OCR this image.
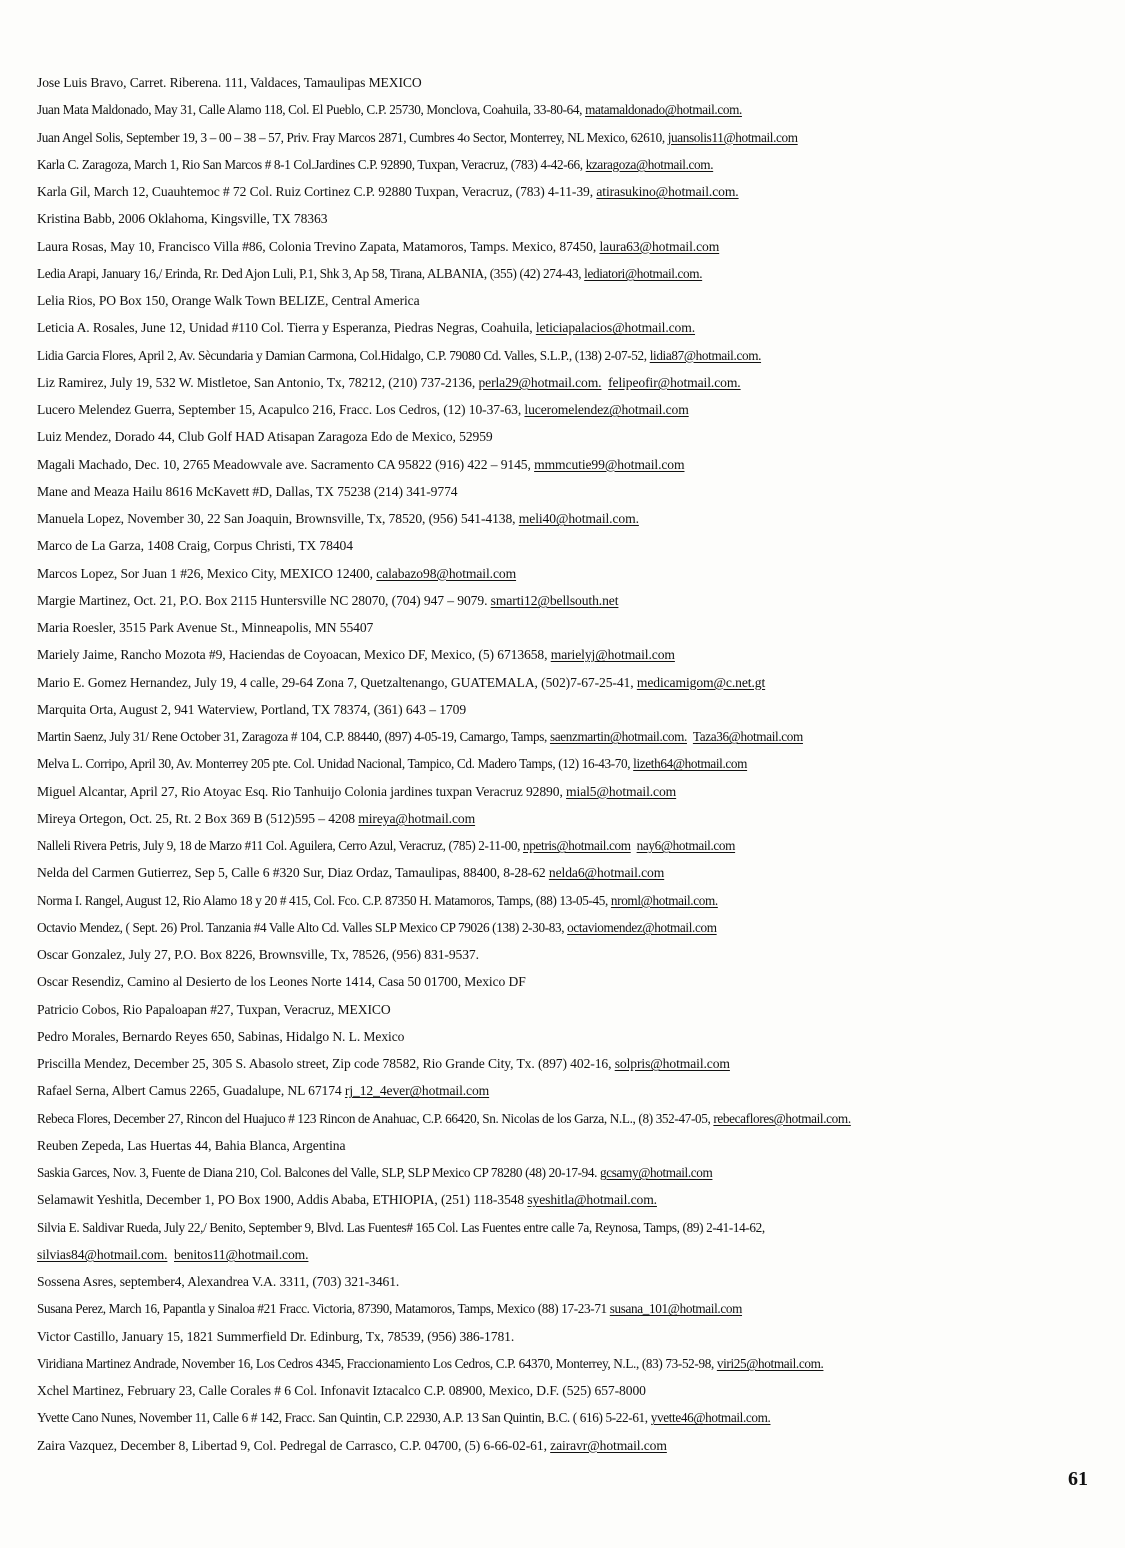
Jose Luis Bravo, Carret. Riberena. 111, Valdaces, Tamaulipas MEXICO
Juan Mata Maldonado, May 31, Calle Alamo 118, Col. El Pueblo, C.P. 25730, Monclova, Coahuila, 33-80-64, matamaldonado@hotmail.com.
Juan Angel Solis, September 19, 3 – 00 – 38 – 57, Priv. Fray Marcos 2871, Cumbres 4o Sector, Monterrey, NL Mexico, 62610, juansolis11@hotmail.com
Karla C. Zaragoza, March 1, Rio San Marcos # 8-1 Col.Jardines C.P. 92890, Tuxpan, Veracruz, (783) 4-42-66, kzaragoza@hotmail.com.
Karla Gil, March 12, Cuauhtemoc # 72 Col. Ruiz Cortinez C.P. 92880 Tuxpan, Veracruz, (783) 4-11-39, atirasukino@hotmail.com.
Kristina Babb, 2006 Oklahoma, Kingsville, TX 78363
Laura Rosas, May 10, Francisco Villa #86, Colonia Trevino Zapata, Matamoros, Tamps. Mexico, 87450, laura63@hotmail.com
Ledia Arapi, January 16,/ Erinda, Rr. Ded Ajon Luli, P.1, Shk 3, Ap 58, Tirana, ALBANIA, (355) (42) 274-43, lediatori@hotmail.com.
Lelia Rios, PO Box 150, Orange Walk Town BELIZE, Central America
Leticia A. Rosales, June 12, Unidad #110 Col. Tierra y Esperanza, Piedras Negras, Coahuila, leticiapalacios@hotmail.com.
Lidia Garcia Flores, April 2, Av. Sècundaria y Damian Carmona, Col.Hidalgo, C.P. 79080 Cd. Valles, S.L.P., (138) 2-07-52, lidia87@hotmail.com.
Liz Ramirez, July 19, 532 W. Mistletoe, San Antonio, Tx, 78212, (210) 737-2136, perla29@hotmail.com. felipeofir@hotmail.com.
Lucero Melendez Guerra, September 15, Acapulco 216, Fracc. Los Cedros, (12) 10-37-63, luceromelendez@hotmail.com
Luiz Mendez, Dorado 44, Club Golf HAD Atisapan Zaragoza Edo de Mexico, 52959
Magali Machado, Dec. 10, 2765 Meadowvale ave. Sacramento CA 95822 (916) 422 – 9145, mmmcutie99@hotmail.com
Mane and Meaza Hailu 8616 McKavett #D, Dallas, TX 75238 (214) 341-9774
Manuela Lopez, November 30, 22 San Joaquin, Brownsville, Tx, 78520, (956) 541-4138, meli40@hotmail.com.
Marco de La Garza, 1408 Craig, Corpus Christi, TX 78404
Marcos Lopez, Sor Juan 1 #26, Mexico City, MEXICO 12400, calabazo98@hotmail.com
Margie Martinez, Oct. 21, P.O. Box 2115 Huntersville NC 28070, (704) 947 – 9079. smarti12@bellsouth.net
Maria Roesler, 3515 Park Avenue St., Minneapolis, MN 55407
Mariely Jaime, Rancho Mozota #9, Haciendas de Coyoacan, Mexico DF, Mexico, (5) 6713658, marielyj@hotmail.com
Mario E. Gomez Hernandez, July 19, 4 calle, 29-64 Zona 7, Quetzaltenango, GUATEMALA, (502)7-67-25-41, medicamigom@c.net.gt
Marquita Orta, August 2, 941 Waterview, Portland, TX 78374, (361) 643 – 1709
Martin Saenz, July 31/ Rene October 31, Zaragoza # 104, C.P. 88440, (897) 4-05-19, Camargo, Tamps, saenzmartin@hotmail.com. Taza36@hotmail.com
Melva L. Corripo, April 30, Av. Monterrey 205 pte. Col. Unidad Nacional, Tampico, Cd. Madero Tamps, (12) 16-43-70, lizeth64@hotmail.com
Miguel Alcantar, April 27, Rio Atoyac Esq. Rio Tanhuijo Colonia jardines tuxpan Veracruz 92890, mial5@hotmail.com
Mireya Ortegon, Oct. 25, Rt. 2 Box 369 B (512)595 – 4208 mireya@hotmail.com
Nalleli Rivera Petris, July 9, 18 de Marzo #11 Col. Aguilera, Cerro Azul, Veracruz, (785) 2-11-00, npetris@hotmail.com nay6@hotmail.com
Nelda del Carmen Gutierrez, Sep 5, Calle 6 #320 Sur, Diaz Ordaz, Tamaulipas, 88400, 8-28-62 nelda6@hotmail.com
Norma I. Rangel, August 12, Rio Alamo 18 y 20 # 415, Col. Fco. C.P. 87350 H. Matamoros, Tamps, (88) 13-05-45, nroml@hotmail.com.
Octavio Mendez, ( Sept. 26) Prol. Tanzania #4 Valle Alto Cd. Valles SLP Mexico CP 79026 (138) 2-30-83, octaviomendez@hotmail.com
Oscar Gonzalez, July 27, P.O. Box 8226, Brownsville, Tx, 78526, (956) 831-9537.
Oscar Resendiz, Camino al Desierto de los Leones Norte 1414, Casa 50 01700, Mexico DF
Patricio Cobos, Rio Papaloapan #27, Tuxpan, Veracruz, MEXICO
Pedro Morales, Bernardo Reyes 650, Sabinas, Hidalgo N. L. Mexico
Priscilla Mendez, December 25, 305 S. Abasolo street, Zip code 78582, Rio Grande City, Tx. (897) 402-16, solpris@hotmail.com
Rafael Serna, Albert Camus 2265, Guadalupe, NL 67174 rj_12_4ever@hotmail.com
Rebeca Flores, December 27, Rincon del Huajuco # 123 Rincon de Anahuac, C.P. 66420, Sn. Nicolas de los Garza, N.L., (8) 352-47-05, rebecaflores@hotmail.com.
Reuben Zepeda, Las Huertas 44, Bahia Blanca, Argentina
Saskia Garces, Nov. 3, Fuente de Diana 210, Col. Balcones del Valle, SLP, SLP Mexico CP 78280 (48) 20-17-94. gcsamy@hotmail.com
Selamawit Yeshitla, December 1, PO Box 1900, Addis Ababa, ETHIOPIA, (251) 118-3548 syeshitla@hotmail.com.
Silvia E. Saldivar Rueda, July 22,/ Benito, September 9, Blvd. Las Fuentes# 165 Col. Las Fuentes entre calle 7a, Reynosa, Tamps, (89) 2-41-14-62,
silvias84@hotmail.com. benitos11@hotmail.com.
Sossena Asres, september4, Alexandrea V.A. 3311, (703) 321-3461.
Susana Perez, March 16, Papantla y Sinaloa #21 Fracc. Victoria, 87390, Matamoros, Tamps, Mexico (88) 17-23-71 susana_101@hotmail.com
Victor Castillo, January 15, 1821 Summerfield Dr. Edinburg, Tx, 78539, (956) 386-1781.
Viridiana Martinez Andrade, November 16, Los Cedros 4345, Fraccionamiento Los Cedros, C.P. 64370, Monterrey, N.L., (83) 73-52-98, viri25@hotmail.com.
Xchel Martinez, February 23, Calle Corales # 6 Col. Infonavit Iztacalco C.P. 08900, Mexico, D.F. (525) 657-8000
Yvette Cano Nunes, November 11, Calle 6 # 142, Fracc. San Quintin, C.P. 22930, A.P. 13 San Quintin, B.C. ( 616) 5-22-61, yvette46@hotmail.com.
Zaira Vazquez, December 8, Libertad 9, Col. Pedregal de Carrasco, C.P. 04700, (5) 6-66-02-61, zairavr@hotmail.com
61
